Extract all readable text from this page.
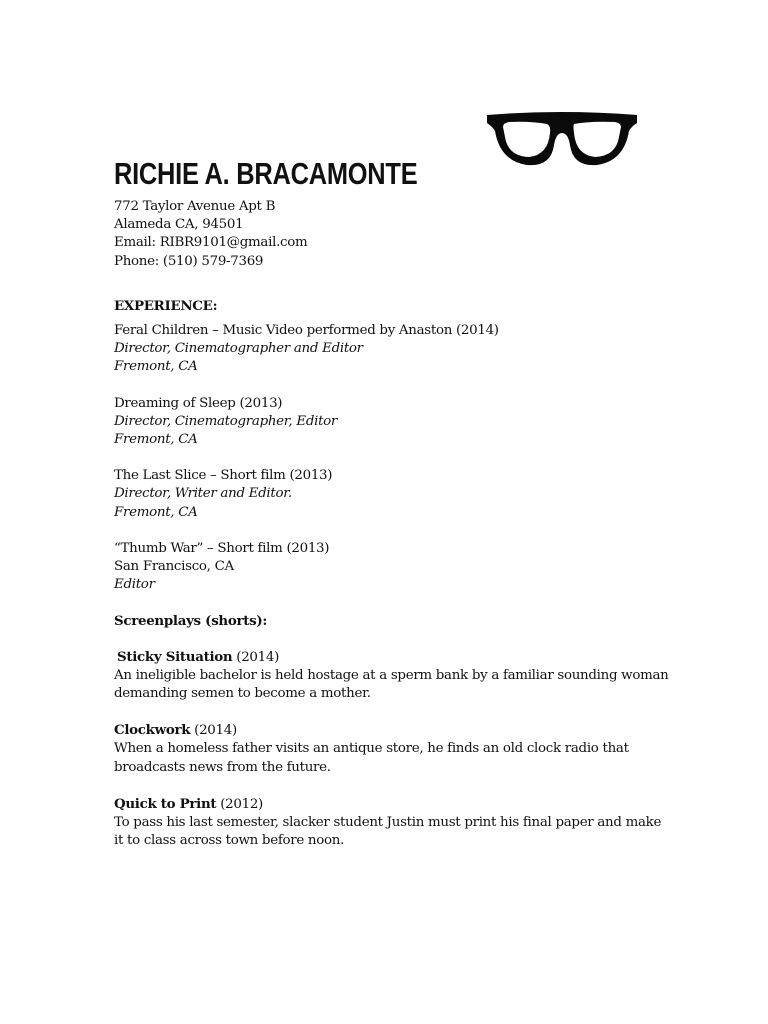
RICHIE A. BRACAMONTE
772 Taylor Avenue Apt B
Alameda CA, 94501
Email: RIBR9101@gmail.com
Phone: (510) 579-7369
EXPERIENCE:
Feral Children – Music Video performed by Anaston (2014)
Director, Cinematographer and Editor
Fremont, CA
Dreaming of Sleep (2013)
Director, Cinematographer, Editor
Fremont, CA
The Last Slice – Short film (2013)
Director, Writer and Editor.
Fremont, CA
“Thumb War” – Short film (2013)
San Francisco, CA
Editor
Screenplays (shorts):
Sticky Situation (2014)
An ineligible bachelor is held hostage at a sperm bank by a familiar sounding woman demanding semen to become a mother.
Clockwork (2014)
When a homeless father visits an antique store, he finds an old clock radio that broadcasts news from the future.
Quick to Print (2012)
To pass his last semester, slacker student Justin must print his final paper and make it to class across town before noon.
